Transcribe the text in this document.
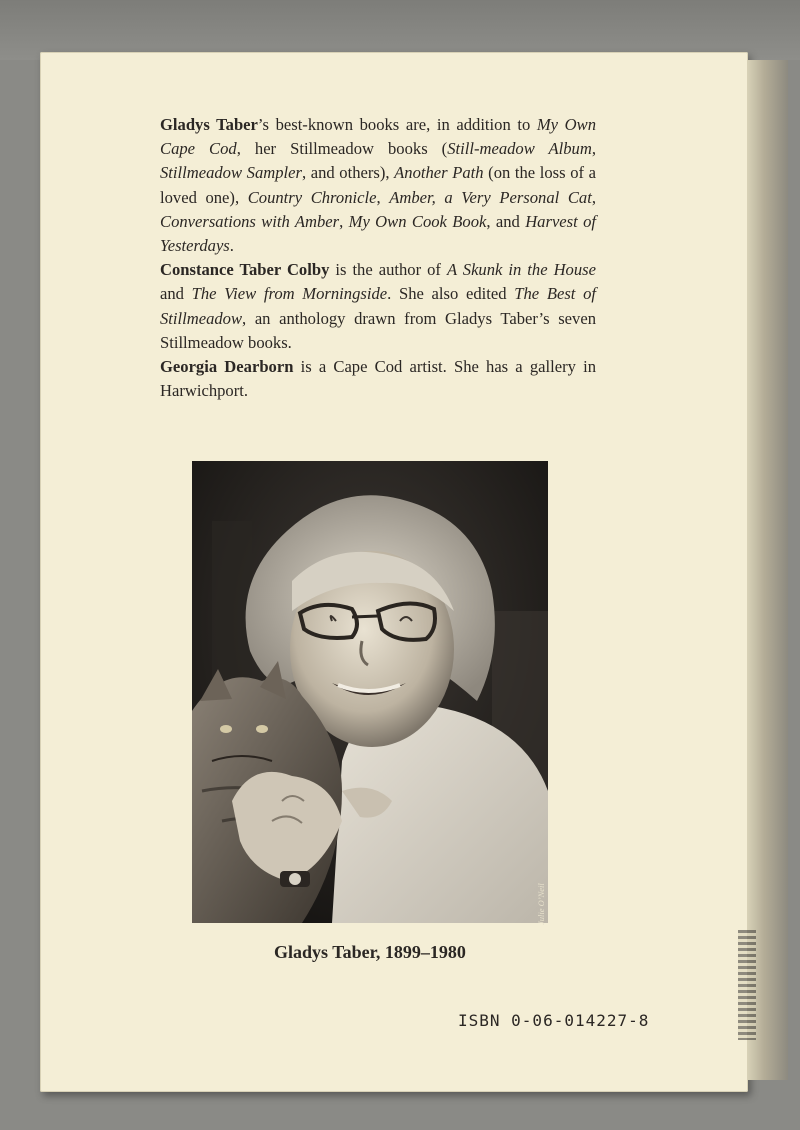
Gladys Taber’s best-known books are, in addition to My Own Cape Cod, her Stillmeadow books (Still-meadow Album, Stillmeadow Sampler, and others), Another Path (on the loss of a loved one), Country Chronicle, Amber, a Very Personal Cat, Conversations with Amber, My Own Cook Book, and Harvest of Yesterdays.

Constance Taber Colby is the author of A Skunk in the House and The View from Morningside. She also edited The Best of Stillmeadow, an anthology drawn from Gladys Taber’s seven Stillmeadow books.

Georgia Dearborn is a Cape Cod artist. She has a gallery in Harwichport.

Julie O’Neil
Gladys Taber, 1899–1980
ISBN 0-06-014227-8
